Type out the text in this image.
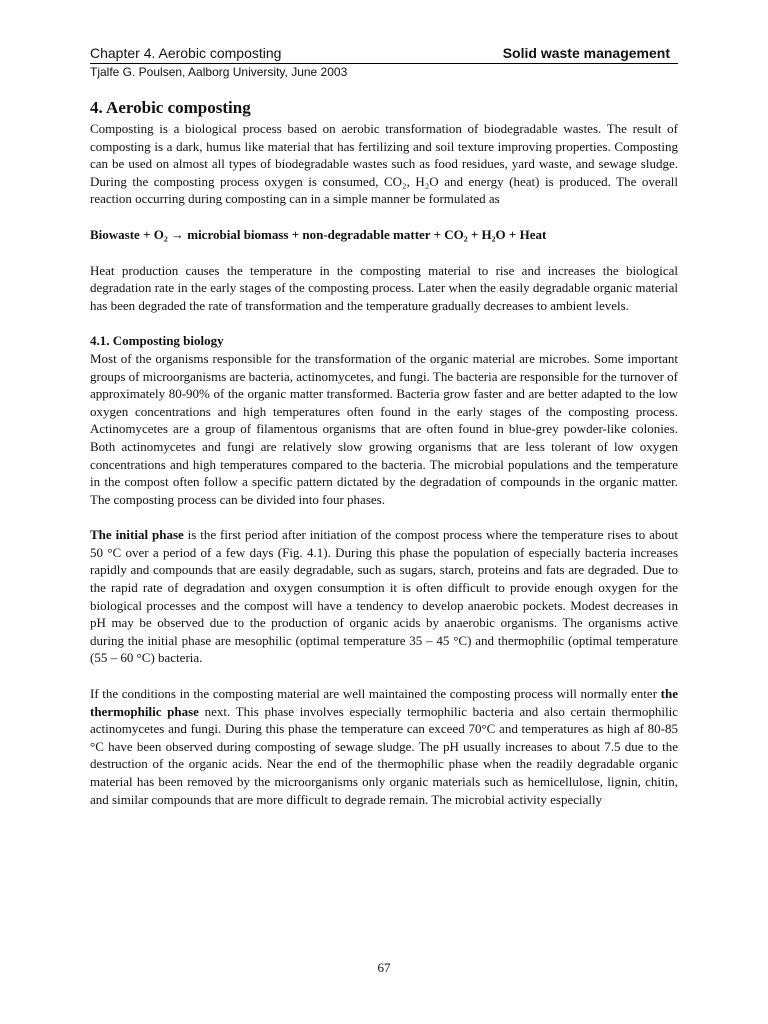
Chapter 4. Aerobic composting	Solid waste management
Tjalfe G. Poulsen, Aalborg University, June 2003
4. Aerobic composting

Composting is a biological process based on aerobic transformation of biodegradable wastes. The result of composting is a dark, humus like material that has fertilizing and soil texture improving properties. Composting can be used on almost all types of biodegradable wastes such as food residues, yard waste, and sewage sludge. During the composting process oxygen is consumed, CO₂, H₂O and energy (heat) is produced. The overall reaction occurring during composting can in a simple manner be formulated as

Biowaste + O₂ → microbial biomass + non-degradable matter + CO₂ + H₂O + Heat

Heat production causes the temperature in the composting material to rise and increases the biological degradation rate in the early stages of the composting process. Later when the easily degradable organic material has been degraded the rate of transformation and the temperature gradually decreases to ambient levels.

4.1. Composting biology

Most of the organisms responsible for the transformation of the organic material are microbes. Some important groups of microorganisms are bacteria, actinomycetes, and fungi. The bacteria are responsible for the turnover of approximately 80-90% of the organic matter transformed. Bacteria grow faster and are better adapted to the low oxygen concentrations and high temperatures often found in the early stages of the composting process. Actinomycetes are a group of filamentous organisms that are often found in blue-grey powder-like colonies. Both actinomycetes and fungi are relatively slow growing organisms that are less tolerant of low oxygen concentrations and high temperatures compared to the bacteria. The microbial populations and the temperature in the compost often follow a specific pattern dictated by the degradation of compounds in the organic matter. The composting process can be divided into four phases.

The initial phase is the first period after initiation of the compost process where the temperature rises to about 50 °C over a period of a few days (Fig. 4.1). During this phase the population of especially bacteria increases rapidly and compounds that are easily degradable, such as sugars, starch, proteins and fats are degraded. Due to the rapid rate of degradation and oxygen consumption it is often difficult to provide enough oxygen for the biological processes and the compost will have a tendency to develop anaerobic pockets. Modest decreases in pH may be observed due to the production of organic acids by anaerobic organisms. The organisms active during the initial phase are mesophilic (optimal temperature 35 – 45 °C) and thermophilic (optimal temperature (55 – 60 °C) bacteria.

If the conditions in the composting material are well maintained the composting process will normally enter the thermophilic phase next. This phase involves especially termophilic bacteria and also certain thermophilic actinomycetes and fungi. During this phase the temperature can exceed 70°C and temperatures as high af 80-85 °C have been observed during composting of sewage sludge. The pH usually increases to about 7.5 due to the destruction of the organic acids. Near the end of the thermophilic phase when the readily degradable organic material has been removed by the microorganisms only organic materials such as hemicellulose, lignin, chitin, and similar compounds that are more difficult to degrade remain. The microbial activity especially

67
